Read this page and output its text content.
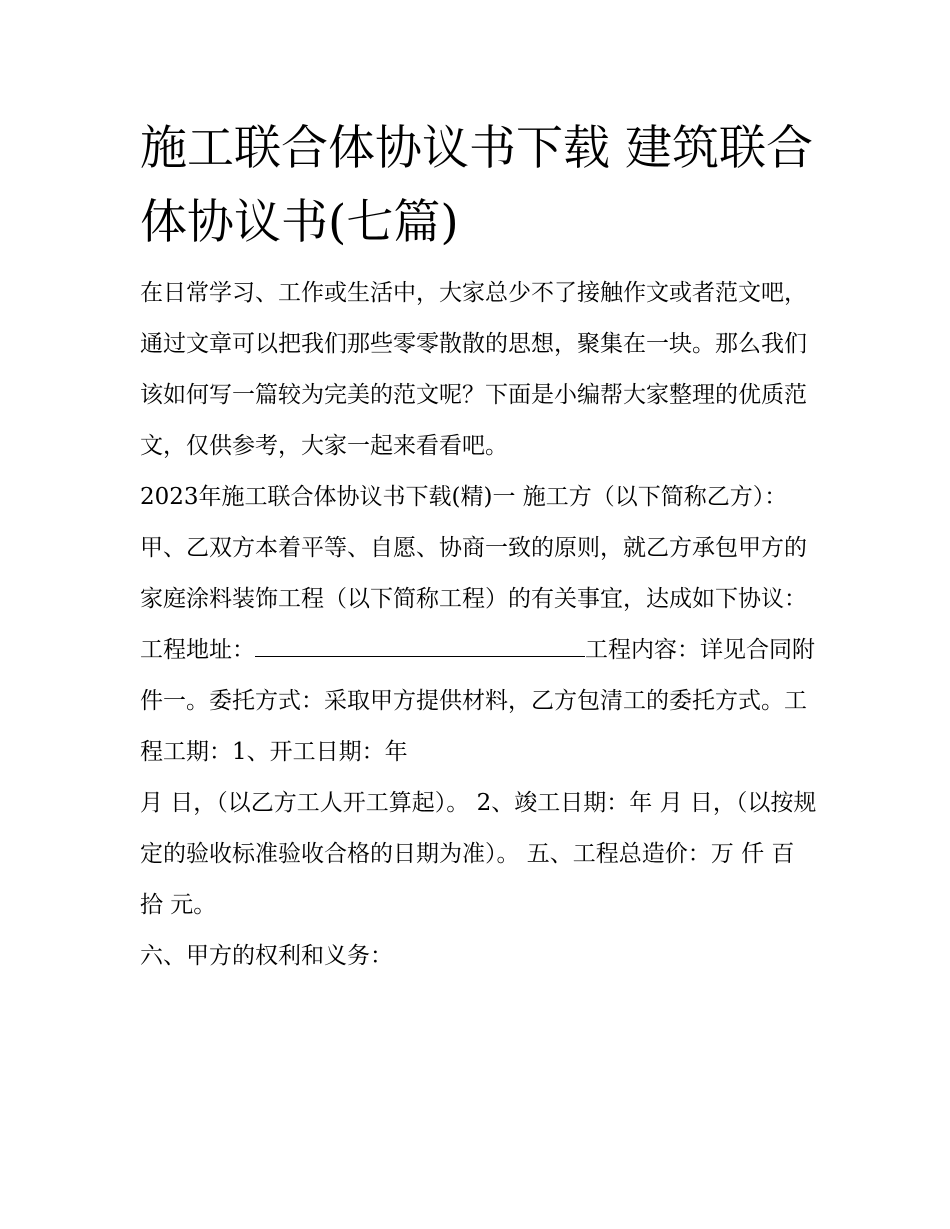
施工联合体协议书下载 建筑联合体协议书(七篇)

在日常学习、工作或生活中，大家总少不了接触作文或者范文吧，通过文章可以把我们那些零零散散的思想，聚集在一块。那么我们该如何写一篇较为完美的范文呢？下面是小编帮大家整理的优质范文，仅供参考，大家一起来看看吧。

2023年施工联合体协议书下载(精)一 施工方（以下简称乙方）：

甲、乙双方本着平等、自愿、协商一致的原则，就乙方承包甲方的家庭涂料装饰工程（以下简称工程）的有关事宜，达成如下协议：

工程地址：	工程内容：详见合同附件一。委托方式：采取甲方提供材料，乙方包清工的委托方式。工程工期：1、开工日期：年

月 日，（以乙方工人开工算起）。 2、竣工日期：年 月 日，（以按规定的验收标准验收合格的日期为准）。 五、工程总造价：万 仟 百 拾 元。

六、甲方的权利和义务：
